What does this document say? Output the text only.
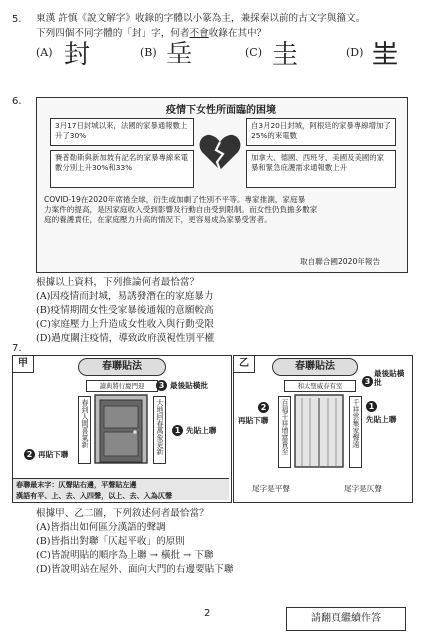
5. 東漢 許慎《說文解字》收錄的字體以小篆為主，兼採秦以前的古文字與籀文。
下列四個不同字體的「封」字，何者不會收錄在其中？
(A) 封	(B) 𡊣	(C) 圭	(D) 𡉚
6.
疫情下女性所面臨的困境
3月17日封城以來，法國的家暴通報數上升了30%
賽普勒斯與新加坡有記名的家暴專線來電數分別上升30%和33%
自3月20日封城，阿根廷的家暴專線增加了25%的來電數
加拿大、德國、西班牙、美國及美國的家暴和緊急庇護需求通報數上升
COVID-19在2020年席捲全球，衍生或加劇了性別不平等。專家推測，家庭暴
力案件的提高，是因家庭收入受到影響及行動自由受到限制。而女性仍負擔多數家
庭的養護責任，在家庭壓力升高的情況下，更容易成為家暴受害者。
取自聯合國2020年報告
根據以上資料，下列推論何者最恰當？
(A)因疫情而封城，易誘發潛在的家庭暴力
(B)疫情期間女性受家暴後通報的意願較高
(C)家庭壓力上升造成女性收入與行動受限
(D)過度關注疫情，導致政府漠視性別平權
7.
甲	春聯貼法
讀典將行慶門迎
春到人間喜氣新	大地回春萬象更新
3 最後貼橫批
1 先貼上聯
2 再貼下聯
春聯最末字：仄聲貼右邊，平聲貼左邊
漢語有平、上、去、入四聲，以上、去、入為仄聲
乙	春聯貼法
和太聖威春有室
百福千祥增富貴至	千祥雲集家聲遠
3
最後貼橫批
1
先貼上聯
2
再貼下聯
尾字是平聲	尾字是仄聲
根據甲、乙二圖，下列敘述何者最恰當？
(A)皆指出如何區分漢語的聲調
(B)皆指出對聯「仄起平收」的原則
(C)皆說明貼的順序為上聯 → 橫批 → 下聯
(D)皆說明站在屋外、面向大門的右邊要貼下聯
2	請翻頁繼續作答
